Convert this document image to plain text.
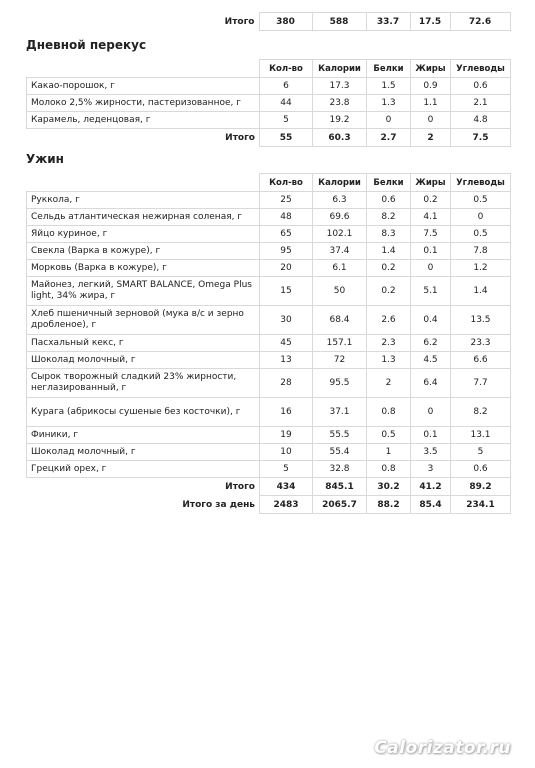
Итого	380	588	33.7	17.5	72.6
Дневной перекус
	Кол-во	Калории	Белки	Жиры	Углеводы
Какао-порошок, г	6	17.3	1.5	0.9	0.6
Молоко 2,5% жирности, пастеризованное, г	44	23.8	1.3	1.1	2.1
Карамель, леденцовая, г	5	19.2	0	0	4.8
Итого	55	60.3	2.7	2	7.5
Ужин
	Кол-во	Калории	Белки	Жиры	Углеводы
Руккола, г	25	6.3	0.6	0.2	0.5
Сельдь атлантическая нежирная соленая, г	48	69.6	8.2	4.1	0
Яйцо куриное, г	65	102.1	8.3	7.5	0.5
Свекла (Варка в кожуре), г	95	37.4	1.4	0.1	7.8
Морковь (Варка в кожуре), г	20	6.1	0.2	0	1.2
Майонез, легкий, SMART BALANCE, Omega Plus light, 34% жира, г	15	50	0.2	5.1	1.4
Хлеб пшеничный зерновой (мука в/с и зерно дробленое), г	30	68.4	2.6	0.4	13.5
Пасхальный кекс, г	45	157.1	2.3	6.2	23.3
Шоколад молочный, г	13	72	1.3	4.5	6.6
Сырок творожный сладкий 23% жирности, неглазированный, г	28	95.5	2	6.4	7.7
Курага (абрикосы сушеные без косточки), г	16	37.1	0.8	0	8.2
Финики, г	19	55.5	0.5	0.1	13.1
Шоколад молочный, г	10	55.4	1	3.5	5
Грецкий орех, г	5	32.8	0.8	3	0.6
Итого	434	845.1	30.2	41.2	89.2
Итого за день	2483	2065.7	88.2	85.4	234.1
Calorizator.ru
